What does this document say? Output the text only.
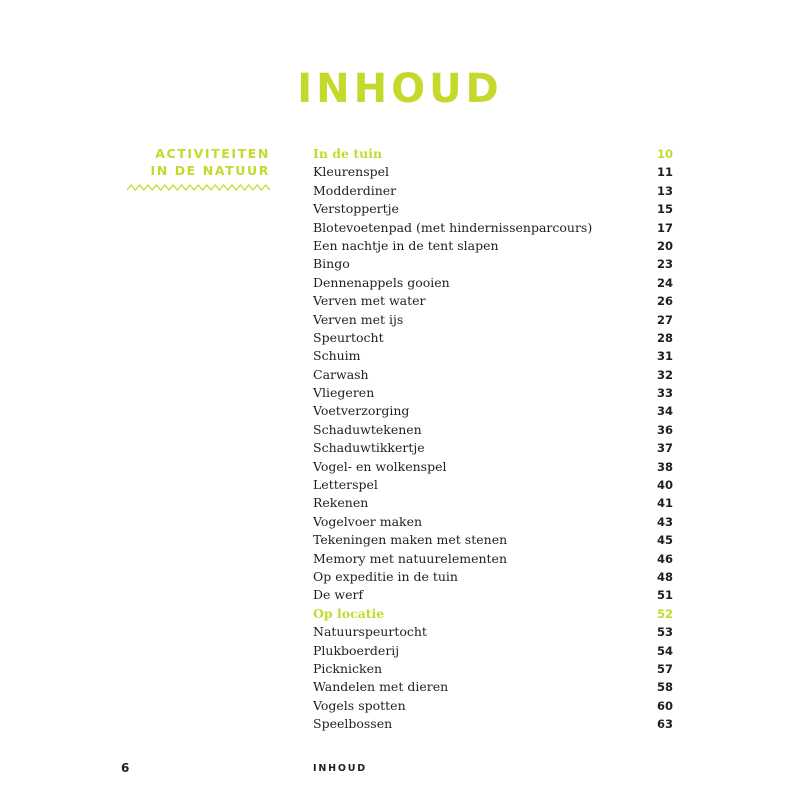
INHOUD
ACTIVITEITEN
IN DE NATUUR
In de tuin	10
Kleurenspel	11
Modderdiner	13
Verstoppertje	15
Blotevoetenpad (met hindernissenparcours)	17
Een nachtje in de tent slapen	20
Bingo	23
Dennenappels gooien	24
Verven met water	26
Verven met ijs	27
Speurtocht	28
Schuim	31
Carwash	32
Vliegeren	33
Voetverzorging	34
Schaduwtekenen	36
Schaduwtikkertje	37
Vogel- en wolkenspel	38
Letterspel	40
Rekenen	41
Vogelvoer maken	43
Tekeningen maken met stenen	45
Memory met natuurelementen	46
Op expeditie in de tuin	48
De werf	51
Op locatie	52
Natuurspeurtocht	53
Plukboerderij	54
Picknicken	57
Wandelen met dieren	58
Vogels spotten	60
Speelbossen	63
6	INHOUD
